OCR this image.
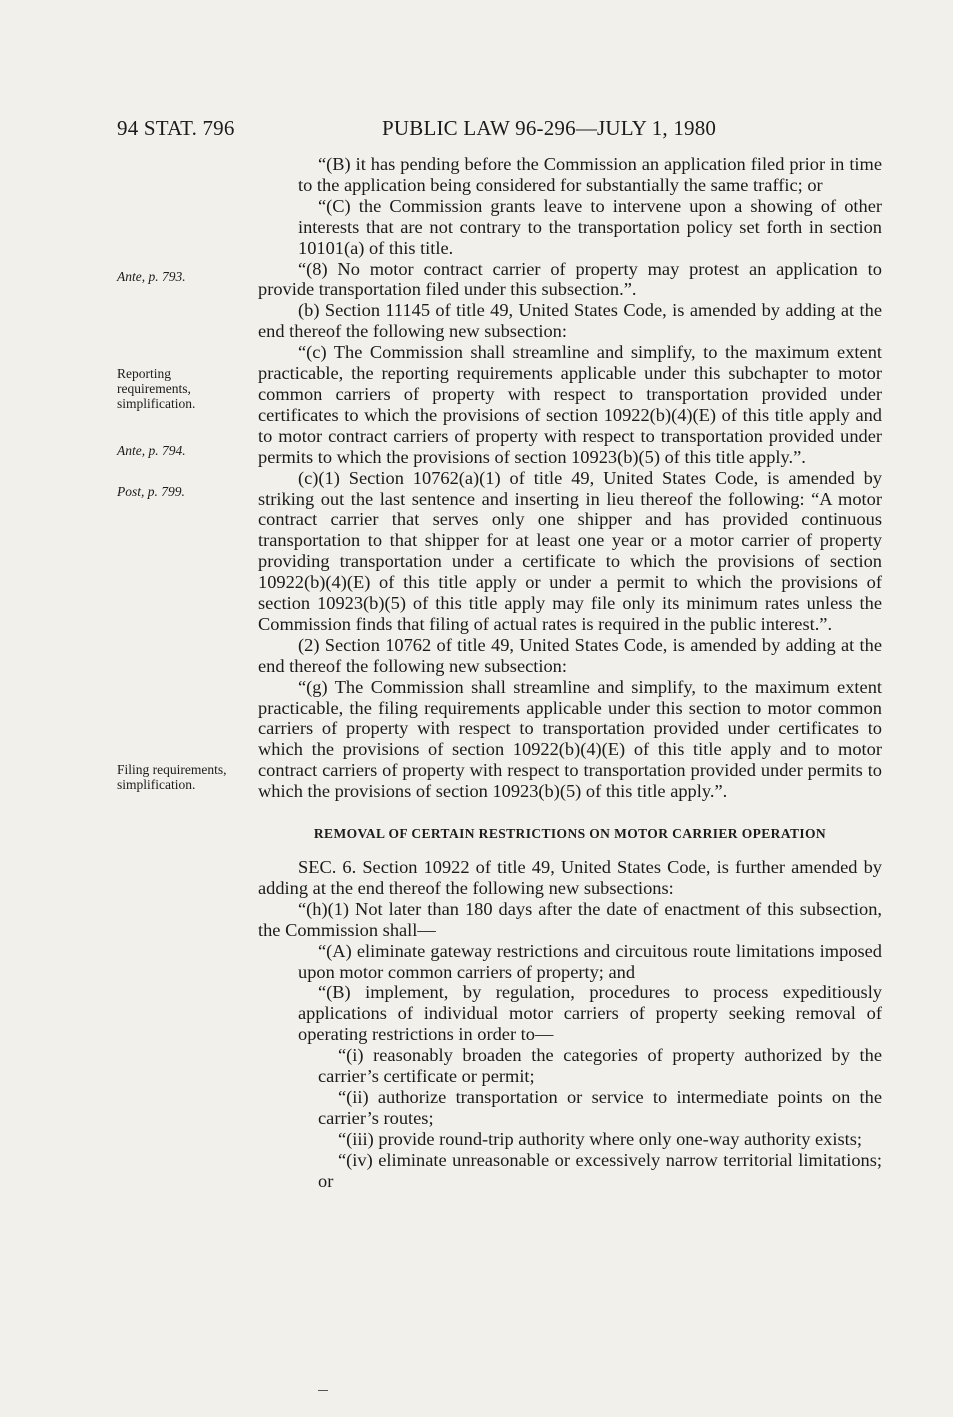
94 STAT. 796	PUBLIC LAW 96-296—JULY 1, 1980
Ante, p. 793.
Reporting requirements, simplification.
Ante, p. 794.
Post, p. 799.
Filing requirements, simplification.

“(B) it has pending before the Commission an application filed prior in time to the application being considered for substantially the same traffic; or

“(C) the Commission grants leave to intervene upon a showing of other interests that are not contrary to the transportation policy set forth in section 10101(a) of this title.

“(8) No motor contract carrier of property may protest an application to provide transportation filed under this subsection.”.

(b) Section 11145 of title 49, United States Code, is amended by adding at the end thereof the following new subsection:

“(c) The Commission shall streamline and simplify, to the maximum extent practicable, the reporting requirements applicable under this subchapter to motor common carriers of property with respect to transportation provided under certificates to which the provisions of section 10922(b)(4)(E) of this title apply and to motor contract carriers of property with respect to transportation provided under permits to which the provisions of section 10923(b)(5) of this title apply.”.

(c)(1) Section 10762(a)(1) of title 49, United States Code, is amended by striking out the last sentence and inserting in lieu thereof the following: “A motor contract carrier that serves only one shipper and has provided continuous transportation to that shipper for at least one year or a motor carrier of property providing transportation under a certificate to which the provisions of section 10922(b)(4)(E) of this title apply or under a permit to which the provisions of section 10923(b)(5) of this title apply may file only its minimum rates unless the Commission finds that filing of actual rates is required in the public interest.”.

(2) Section 10762 of title 49, United States Code, is amended by adding at the end thereof the following new subsection:

“(g) The Commission shall streamline and simplify, to the maximum extent practicable, the filing requirements applicable under this section to motor common carriers of property with respect to transportation provided under certificates to which the provisions of section 10922(b)(4)(E) of this title apply and to motor contract carriers of property with respect to transportation provided under permits to which the provisions of section 10923(b)(5) of this title apply.”.

REMOVAL OF CERTAIN RESTRICTIONS ON MOTOR CARRIER OPERATION

SEC. 6. Section 10922 of title 49, United States Code, is further amended by adding at the end thereof the following new subsections:

“(h)(1) Not later than 180 days after the date of enactment of this subsection, the Commission shall—

“(A) eliminate gateway restrictions and circuitous route limitations imposed upon motor common carriers of property; and

“(B) implement, by regulation, procedures to process expeditiously applications of individual motor carriers of property seeking removal of operating restrictions in order to—

“(i) reasonably broaden the categories of property authorized by the carrier’s certificate or permit;

“(ii) authorize transportation or service to intermediate points on the carrier’s routes;

“(iii) provide round-trip authority where only one-way authority exists;

“(iv) eliminate unreasonable or excessively narrow territorial limitations; or
